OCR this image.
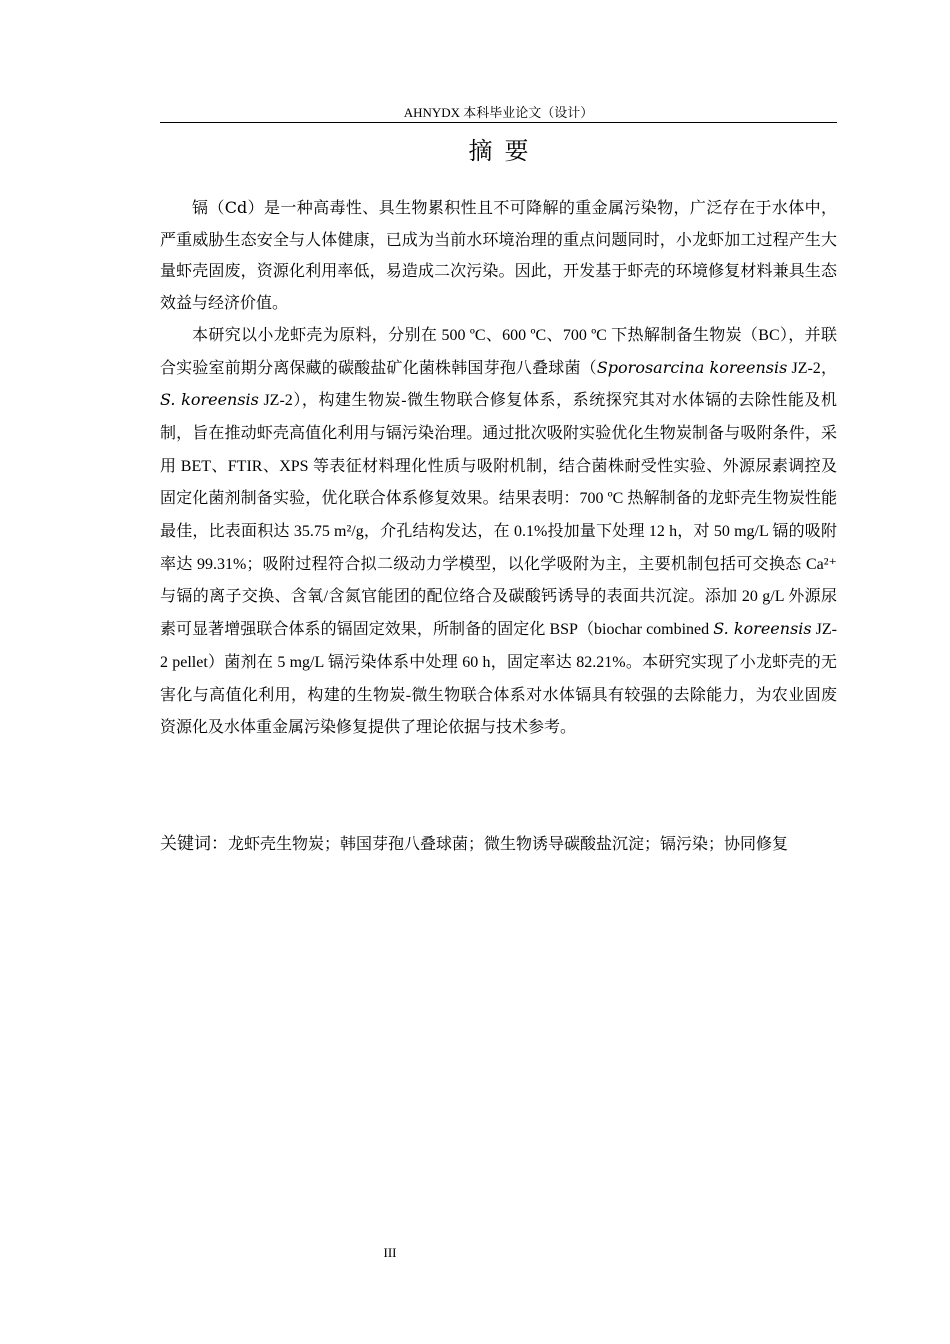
AHNYDX 本科毕业论文（设计）
摘要

镉（Cd）是一种高毒性、具生物累积性且不可降解的重金属污染物，广泛存在于水体中，严重威胁生态安全与人体健康，已成为当前水环境治理的重点问题同时，小龙虾加工过程产生大量虾壳固废，资源化利用率低，易造成二次污染。因此，开发基于虾壳的环境修复材料兼具生态效益与经济价值。

本研究以小龙虾壳为原料，分别在 500 ºC、600 ºC、700 ºC 下热解制备生物炭（BC），并联合实验室前期分离保藏的碳酸盐矿化菌株韩国芽孢八叠球菌（Sporosarcina koreensis JZ-2，S. koreensis JZ-2），构建生物炭-微生物联合修复体系，系统探究其对水体镉的去除性能及机制，旨在推动虾壳高值化利用与镉污染治理。通过批次吸附实验优化生物炭制备与吸附条件，采用 BET、FTIR、XPS 等表征材料理化性质与吸附机制，结合菌株耐受性实验、外源尿素调控及固定化菌剂制备实验，优化联合体系修复效果。结果表明：700 ºC 热解制备的龙虾壳生物炭性能最佳，比表面积达 35.75 m²/g，介孔结构发达，在 0.1%投加量下处理 12 h，对 50 mg/L 镉的吸附率达 99.31%；吸附过程符合拟二级动力学模型，以化学吸附为主，主要机制包括可交换态 Ca²⁺与镉的离子交换、含氧/含氮官能团的配位络合及碳酸钙诱导的表面共沉淀。添加 20 g/L 外源尿素可显著增强联合体系的镉固定效果，所制备的固定化 BSP（biochar combined S. koreensis JZ-2 pellet）菌剂在 5 mg/L 镉污染体系中处理 60 h，固定率达 82.21%。本研究实现了小龙虾壳的无害化与高值化利用，构建的生物炭-微生物联合体系对水体镉具有较强的去除能力，为农业固废资源化及水体重金属污染修复提供了理论依据与技术参考。

关键词：龙虾壳生物炭；韩国芽孢八叠球菌；微生物诱导碳酸盐沉淀；镉污染；协同修复
III
